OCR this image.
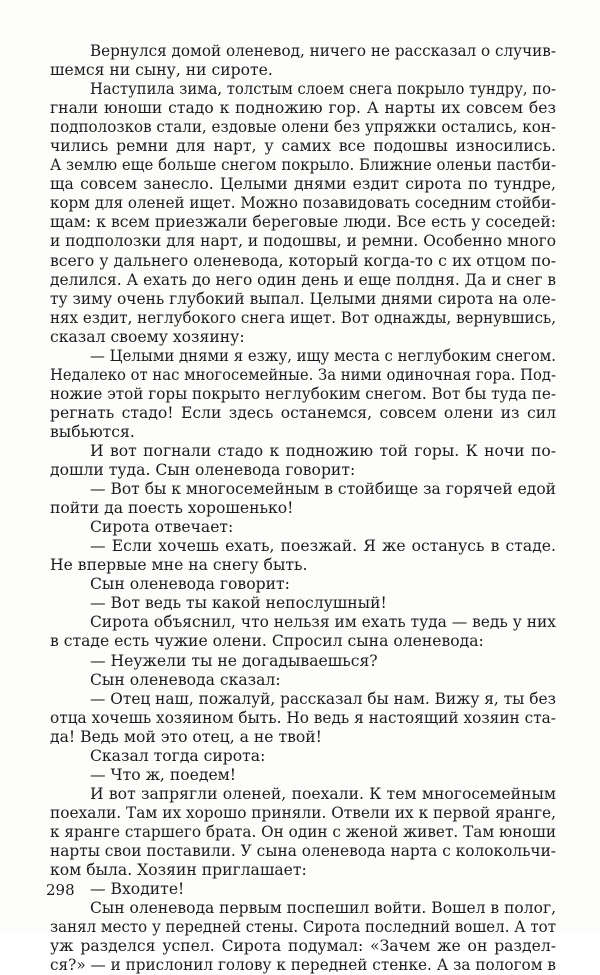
Вернулся домой оленевод, ничего не рассказал о случив-
шемся ни сыну, ни сироте.
Наступила зима, толстым слоем снега покрыло тундру, по-
гнали юноши стадо к подножию гор. А нарты их совсем без
подполозков стали, ездовые олени без упряжки остались, кон-
чились ремни для нарт, у самих все подошвы износились.
А землю еще больше снегом покрыло. Ближние оленьи пастби-
ща совсем занесло. Целыми днями ездит сирота по тундре,
корм для оленей ищет. Можно позавидовать соседним стойби-
щам: к всем приезжали береговые люди. Все есть у соседей:
и подполозки для нарт, и подошвы, и ремни. Особенно много
всего у дальнего оленевода, который когда-то с их отцом по-
делился. А ехать до него один день и еще полдня. Да и снег в
ту зиму очень глубокий выпал. Целыми днями сирота на оле-
нях ездит, неглубокого снега ищет. Вот однажды, вернувшись,
сказал своему хозяину:
— Целыми днями я езжу, ищу места с неглубоким снегом.
Недалеко от нас многосемейные. За ними одиночная гора. Под-
ножие этой горы покрыто неглубоким снегом. Вот бы туда пе-
регнать стадо! Если здесь останемся, совсем олени из сил
выбьются.
И вот погнали стадо к подножию той горы. К ночи по-
дошли туда. Сын оленевода говорит:
— Вот бы к многосемейным в стойбище за горячей едой
пойти да поесть хорошенько!
Сирота отвечает:
— Если хочешь ехать, поезжай. Я же останусь в стаде.
Не впервые мне на снегу быть.
Сын оленевода говорит:
— Вот ведь ты какой непослушный!
Сирота объяснил, что нельзя им ехать туда — ведь у них
в стаде есть чужие олени. Спросил сына оленевода:
— Неужели ты не догадываешься?
Сын оленевода сказал:
— Отец наш, пожалуй, рассказал бы нам. Вижу я, ты без
отца хочешь хозяином быть. Но ведь я настоящий хозяин ста-
да! Ведь мой это отец, а не твой!
Сказал тогда сирота:
— Что ж, поедем!
И вот запрягли оленей, поехали. К тем многосемейным
поехали. Там их хорошо приняли. Отвели их к первой яранге,
к яранге старшего брата. Он один с женой живет. Там юноши
нарты свои поставили. У сына оленевода нарта с колокольчи-
ком была. Хозяин приглашает:
— Входите!
Сын оленевода первым поспешил войти. Вошел в полог,
занял место у передней стены. Сирота последний вошел. А тот
уж разделся успел. Сирота подумал: «Зачем же он раздел-
ся?» — и прислонил голову к передней стенке. А за пологом в
298
